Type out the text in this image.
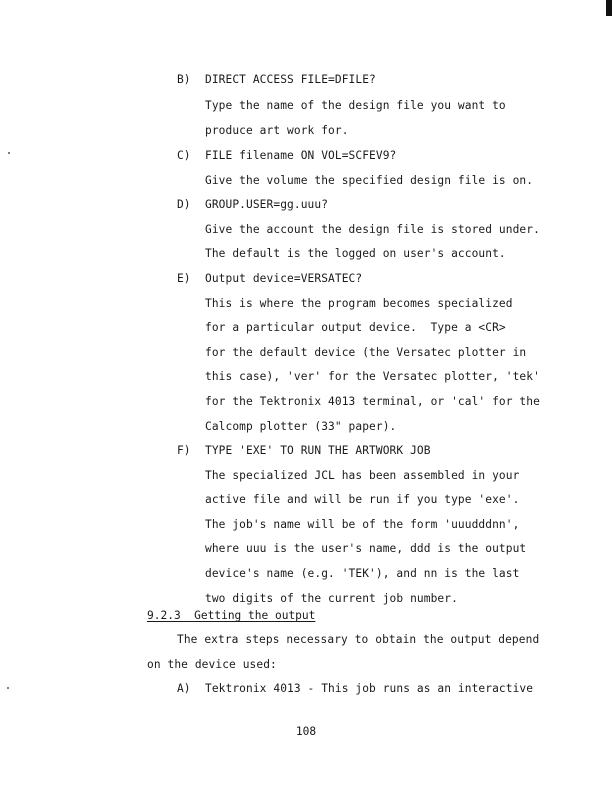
B) DIRECT ACCESS FILE=DFILE?
Type the name of the design file you want to
produce art work for.
C) FILE filename ON VOL=SCFEV9?
Give the volume the specified design file is on.
D) GROUP.USER=gg.uuu?
Give the account the design file is stored under.
The default is the logged on user's account.
E) Output device=VERSATEC?
This is where the program becomes specialized
for a particular output device.  Type a <CR>
for the default device (the Versatec plotter in
this case), 'ver' for the Versatec plotter, 'tek'
for the Tektronix 4013 terminal, or 'cal' for the
Calcomp plotter (33" paper).
F) TYPE 'EXE' TO RUN THE ARTWORK JOB
The specialized JCL has been assembled in your
active file and will be run if you type 'exe'.
The job's name will be of the form 'uuudddnn',
where uuu is the user's name, ddd is the output
device's name (e.g. 'TEK'), and nn is the last
two digits of the current job number.
9.2.3  Getting the output
The extra steps necessary to obtain the output depend
on the device used:
A) Tektronix 4013 - This job runs as an interactive
108
